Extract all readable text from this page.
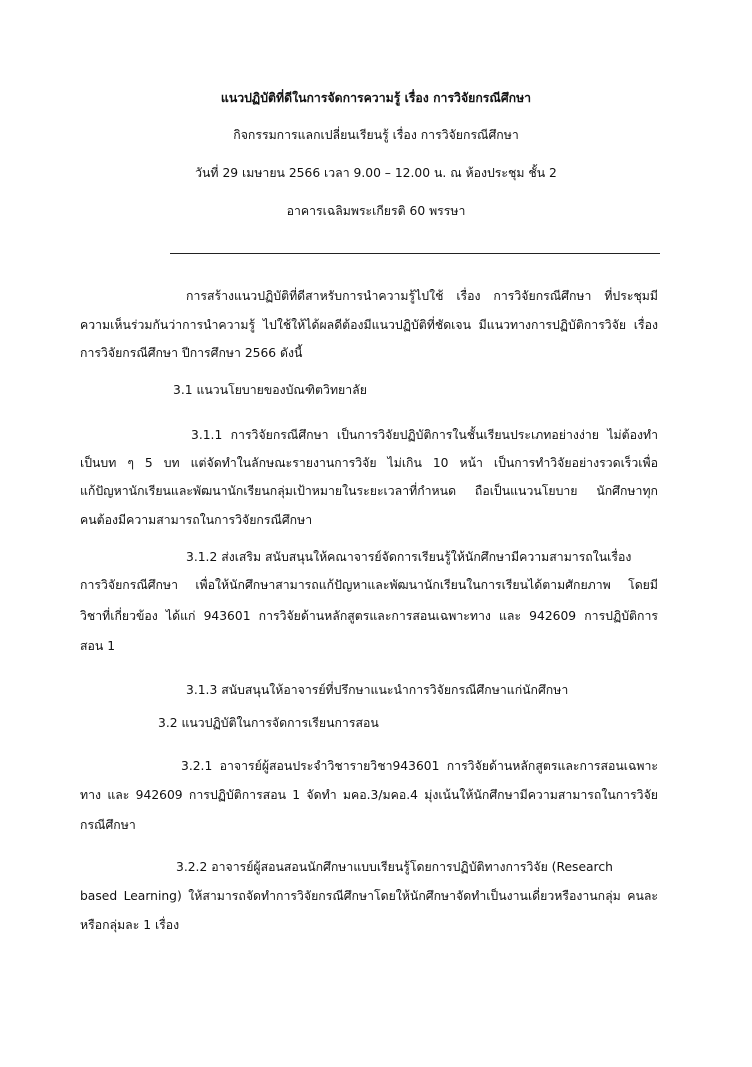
แนวปฏิบัติที่ดีในการจัดการความรู้ เรื่อง การวิจัยกรณีศึกษา
กิจกรรมการแลกเปลี่ยนเรียนรู้ เรื่อง การวิจัยกรณีศึกษา
วันที่ 29 เมษายน 2566 เวลา 9.00 – 12.00 น. ณ ห้องประชุม ชั้น 2
อาคารเฉลิมพระเกียรติ 60 พรรษา
การสร้างแนวปฏิบัติที่ดีสาหรับการนำความรู้ไปใช้ เรื่อง การวิจัยกรณีศึกษา ที่ประชุมมี
ความเห็นร่วมกันว่าการนำความรู้ ไปใช้ให้ได้ผลดีต้องมีแนวปฏิบัติที่ชัดเจน มีแนวทางการปฏิบัติการวิจัย เรื่อง
การวิจัยกรณีศึกษา ปีการศึกษา 2566 ดังนี้
3.1 แนวนโยบายของบัณฑิตวิทยาลัย
3.1.1 การวิจัยกรณีศึกษา เป็นการวิจัยปฏิบัติการในชั้นเรียนประเภทอย่างง่าย ไม่ต้องทำ
เป็นบท ๆ 5 บท แต่จัดทำในลักษณะรายงานการวิจัย ไม่เกิน 10 หน้า เป็นการทำวิจัยอย่างรวดเร็วเพื่อ
แก้ปัญหานักเรียนและพัฒนานักเรียนกลุ่มเป้าหมายในระยะเวลาที่กำหนด ถือเป็นแนวนโยบาย นักศึกษาทุก
คนต้องมีความสามารถในการวิจัยกรณีศึกษา
3.1.2 ส่งเสริม สนับสนุนให้คณาจารย์จัดการเรียนรู้ให้นักศึกษามีความสามารถในเรื่อง
การวิจัยกรณีศึกษา เพื่อให้นักศึกษาสามารถแก้ปัญหาและพัฒนานักเรียนในการเรียนได้ตามศักยภาพ โดยมี
วิชาที่เกี่ยวข้อง ได้แก่ 943601 การวิจัยด้านหลักสูตรและการสอนเฉพาะทาง และ 942609 การปฏิบัติการ
สอน 1
3.1.3 สนับสนุนให้อาจารย์ที่ปรึกษาแนะนำการวิจัยกรณีศึกษาแก่นักศึกษา
3.2 แนวปฏิบัติในการจัดการเรียนการสอน
3.2.1 อาจารย์ผู้สอนประจำวิชารายวิชา943601 การวิจัยด้านหลักสูตรและการสอนเฉพาะ
ทาง และ 942609 การปฏิบัติการสอน 1 จัดทำ มคอ.3/มคอ.4 มุ่งเน้นให้นักศึกษามีความสามารถในการวิจัย
กรณีศึกษา
3.2.2 อาจารย์ผู้สอนสอนนักศึกษาแบบเรียนรู้โดยการปฏิบัติทางการวิจัย (Research
based Learning) ให้สามารถจัดทำการวิจัยกรณีศึกษาโดยให้นักศึกษาจัดทำเป็นงานเดี่ยวหรืองานกลุ่ม คนละ
หรือกลุ่มละ 1 เรื่อง
